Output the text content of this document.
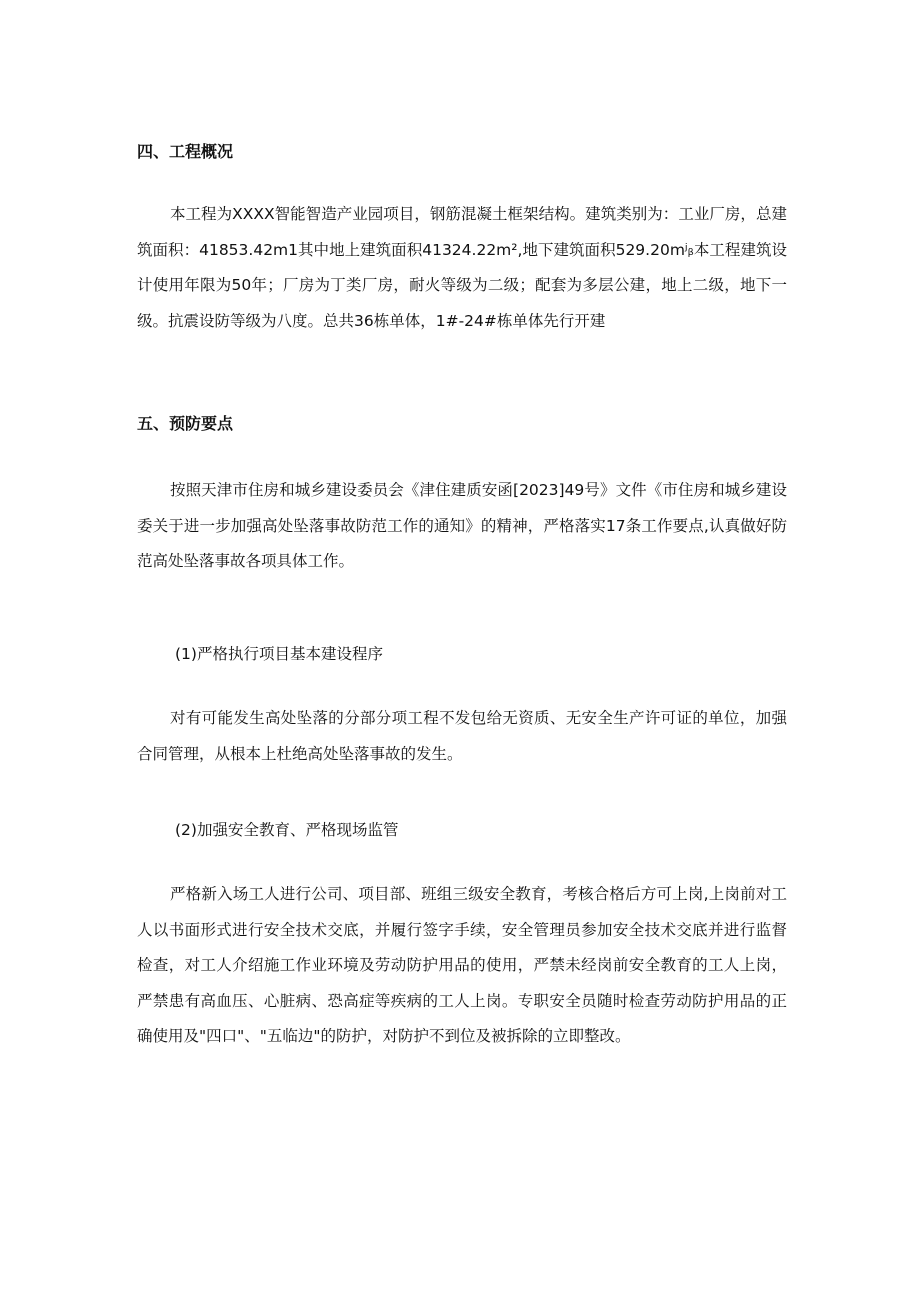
四、工程概况

本工程为XXXX智能智造产业园项目，钢筋混凝土框架结构。建筑类别为：工业厂房，总建筑面积：41853.42m1其中地上建筑面积41324.22m²,地下建筑面积529.20mʲᵦ本工程建筑设计使用年限为50年；厂房为丁类厂房，耐火等级为二级；配套为多层公建，地上二级，地下一级。抗震设防等级为八度。总共36栋单体，1#-24#栋单体先行开建

五、预防要点

按照天津市住房和城乡建设委员会《津住建质安函[2023]49号》文件《市住房和城乡建设委关于进一步加强高处坠落事故防范工作的通知》的精神，严格落实17条工作要点,认真做好防范高处坠落事故各项具体工作。

(1)严格执行项目基本建设程序

对有可能发生高处坠落的分部分项工程不发包给无资质、无安全生产许可证的单位，加强合同管理，从根本上杜绝高处坠落事故的发生。

(2)加强安全教育、严格现场监管

严格新入场工人进行公司、项目部、班组三级安全教育，考核合格后方可上岗,上岗前对工人以书面形式进行安全技术交底，并履行签字手续，安全管理员参加安全技术交底并进行监督检查，对工人介绍施工作业环境及劳动防护用品的使用，严禁未经岗前安全教育的工人上岗，严禁患有高血压、心脏病、恐高症等疾病的工人上岗。专职安全员随时检查劳动防护用品的正确使用及"四口"、"五临边"的防护，对防护不到位及被拆除的立即整改。
